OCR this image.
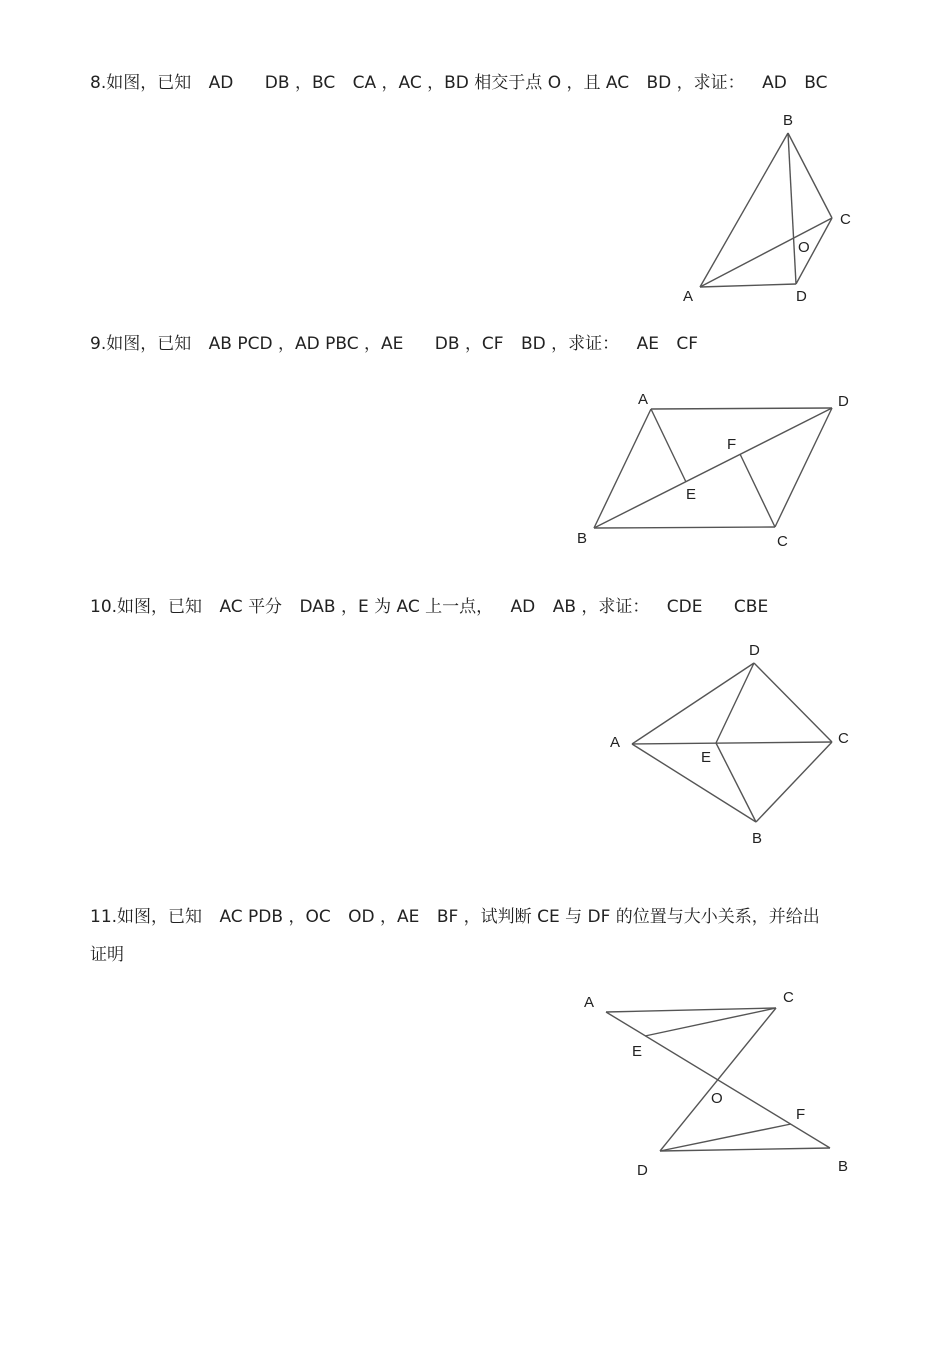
8.如图，已知 AD DB ，BC CA ，AC ，BD 相交于点 O ，且 AC BD ，求证： AD BC
A
B
C
D
O
9.如图，已知 AB PCD ，AD PBC ，AE DB ，CF BD ，求证： AE CF
A
B	C
D
E
F
10.如图，已知 AC 平分 DAB ，E 为 AC 上一点， AD AB ，求证： CDE CBE
A
B
C
D
E
11.如图，已知 AC PDB ，OC OD ，AE BF ，试判断 CE 与 DF 的位置与大小关系，并给出
证明
A
B
C
D
E
F
O
